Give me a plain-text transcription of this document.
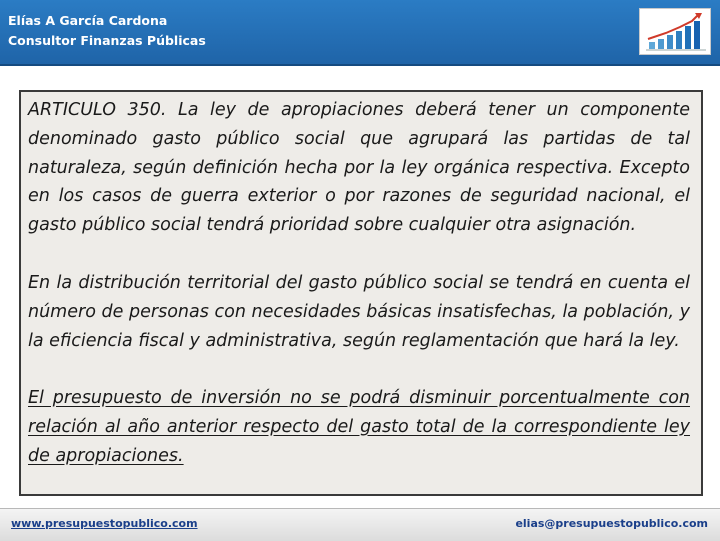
Elías A García Cardona
Consultor Finanzas Públicas

ARTICULO 350. La ley de apropiaciones deberá tener un componente denominado gasto público social que agrupará las partidas de tal naturaleza, según definición hecha por la ley orgánica respectiva. Excepto en los casos de guerra exterior o por razones de seguridad nacional, el gasto público social tendrá prioridad sobre cualquier otra asignación.

En la distribución territorial del gasto público social se tendrá en cuenta el número de personas con necesidades básicas insatisfechas, la población, y la eficiencia fiscal y administrativa, según reglamentación que hará la ley.

El presupuesto de inversión no se podrá disminuir porcentualmente con relación al año anterior respecto del gasto total de la correspondiente ley de apropiaciones.

www.presupuestopublico.com	elias@presupuestopublico.com
